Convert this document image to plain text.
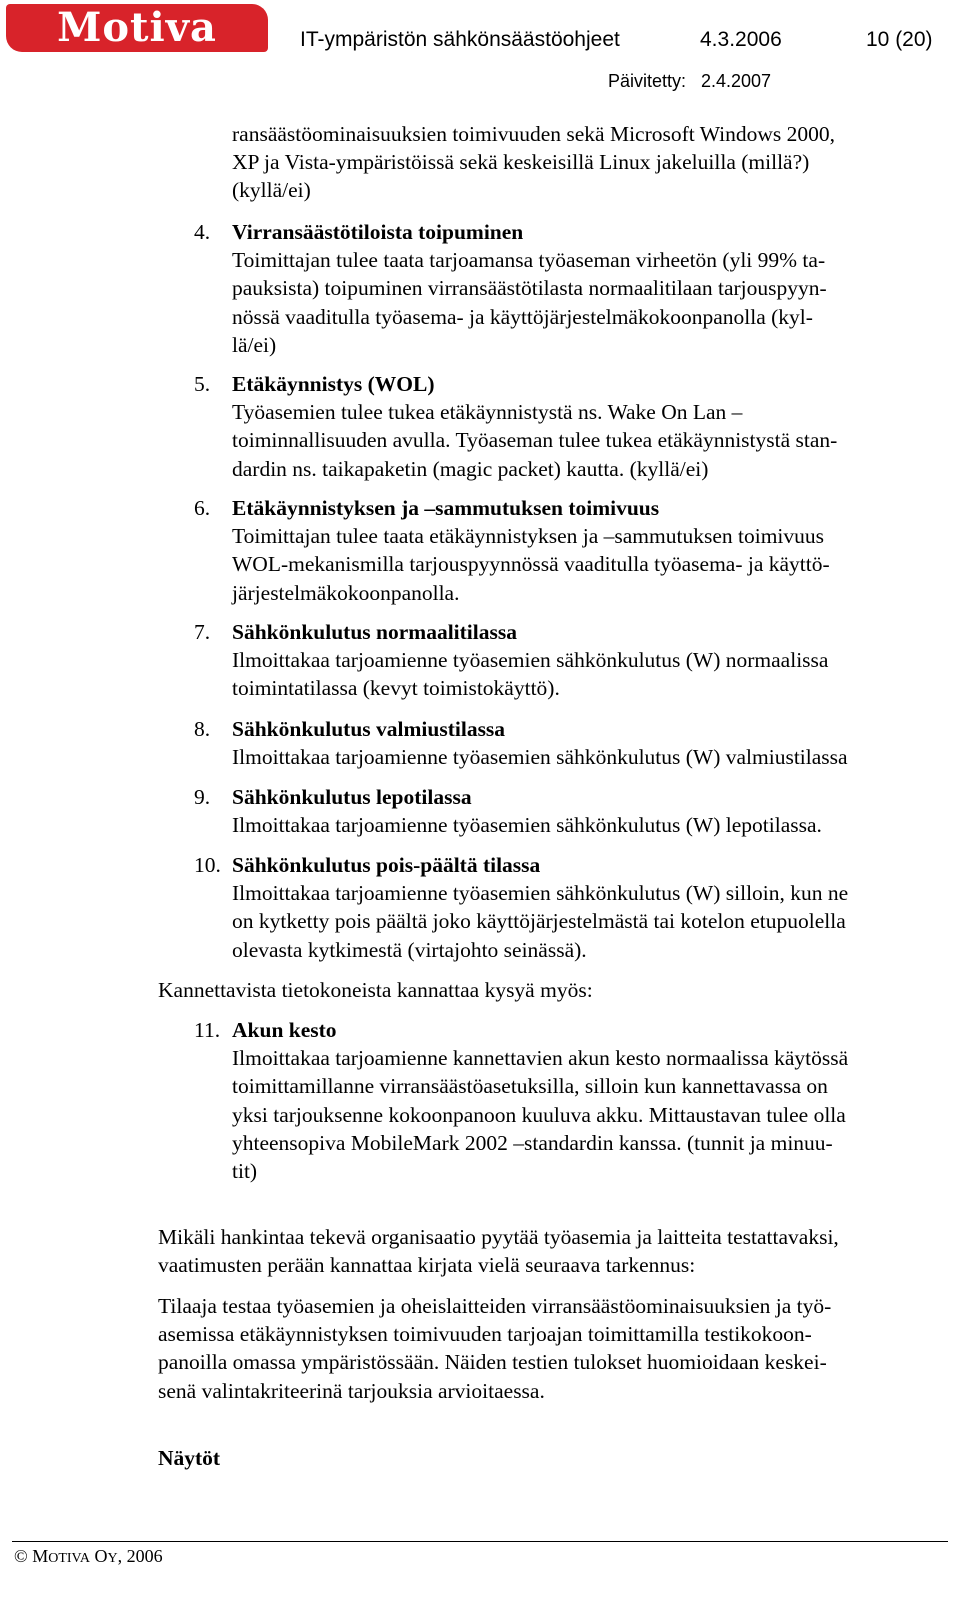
Motiva	IT-ympäristön sähkönsäästöohjeet	4.3.2006	10 (20)
Päivitetty: 2.4.2007
ransäästöominaisuuksien toimivuuden sekä Microsoft Windows 2000,
XP ja Vista-ympäristöissä sekä keskeisillä Linux jakeluilla (millä?)
(kyllä/ei)
4. Virransäästötiloista toipuminen
Toimittajan tulee taata tarjoamansa työaseman virheetön (yli 99% ta-
pauksista) toipuminen virransäästötilasta normaalitilaan tarjouspyyn-
nössä vaaditulla työasema- ja käyttöjärjestelmäkokoonpanolla (kyl-
lä/ei)
5. Etäkäynnistys (WOL)
Työasemien tulee tukea etäkäynnistystä ns. Wake On Lan –
toiminnallisuuden avulla. Työaseman tulee tukea etäkäynnistystä stan-
dardin ns. taikapaketin (magic packet) kautta. (kyllä/ei)
6. Etäkäynnistyksen ja –sammutuksen toimivuus
Toimittajan tulee taata etäkäynnistyksen ja –sammutuksen toimivuus
WOL-mekanismilla tarjouspyynnössä vaaditulla työasema- ja käyttö-
järjestelmäkokoonpanolla.
7. Sähkönkulutus normaalitilassa
Ilmoittakaa tarjoamienne työasemien sähkönkulutus (W) normaalissa
toimintatilassa (kevyt toimistokäyttö).
8. Sähkönkulutus valmiustilassa
Ilmoittakaa tarjoamienne työasemien sähkönkulutus (W) valmiustilassa
9. Sähkönkulutus lepotilassa
Ilmoittakaa tarjoamienne työasemien sähkönkulutus (W) lepotilassa.
10. Sähkönkulutus pois-päältä tilassa
Ilmoittakaa tarjoamienne työasemien sähkönkulutus (W) silloin, kun ne
on kytketty pois päältä joko käyttöjärjestelmästä tai kotelon etupuolella
olevasta kytkimestä (virtajohto seinässä).
Kannettavista tietokoneista kannattaa kysyä myös:
11. Akun kesto
Ilmoittakaa tarjoamienne kannettavien akun kesto normaalissa käytössä
toimittamillanne virransäästöasetuksilla, silloin kun kannettavassa on
yksi tarjouksenne kokoonpanoon kuuluva akku. Mittaustavan tulee olla
yhteensopiva MobileMark 2002 –standardin kanssa. (tunnit ja minuu-
tit)
Mikäli hankintaa tekevä organisaatio pyytää työasemia ja laitteita testattavaksi,
vaatimusten perään kannattaa kirjata vielä seuraava tarkennus:
Tilaaja testaa työasemien ja oheislaitteiden virransäästöominaisuuksien ja työ-
asemissa etäkäynnistyksen toimivuuden tarjoajan toimittamilla testikokoon-
panoilla omassa ympäristössään. Näiden testien tulokset huomioidaan keskei-
senä valintakriteerinä tarjouksia arvioitaessa.
Näytöt
© MOTIVA OY, 2006
